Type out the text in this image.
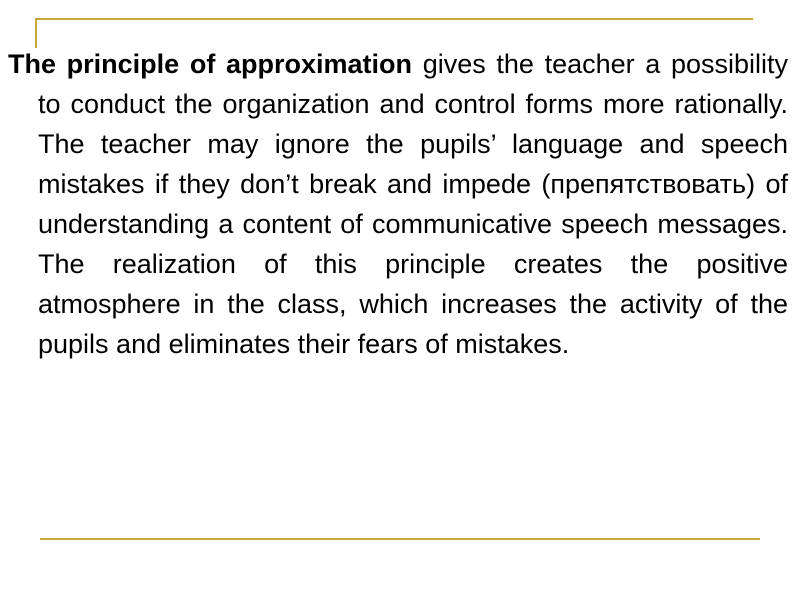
The principle of approximation gives the teacher a possibility to conduct the organization and control forms more rationally. The teacher may ignore the pupils’ language and speech mistakes if they don’t break and impede (препятствовать) of understanding a content of communicative speech messages. The realization of this principle creates the positive atmosphere in the class, which increases the activity of the pupils and eliminates their fears of mistakes.
